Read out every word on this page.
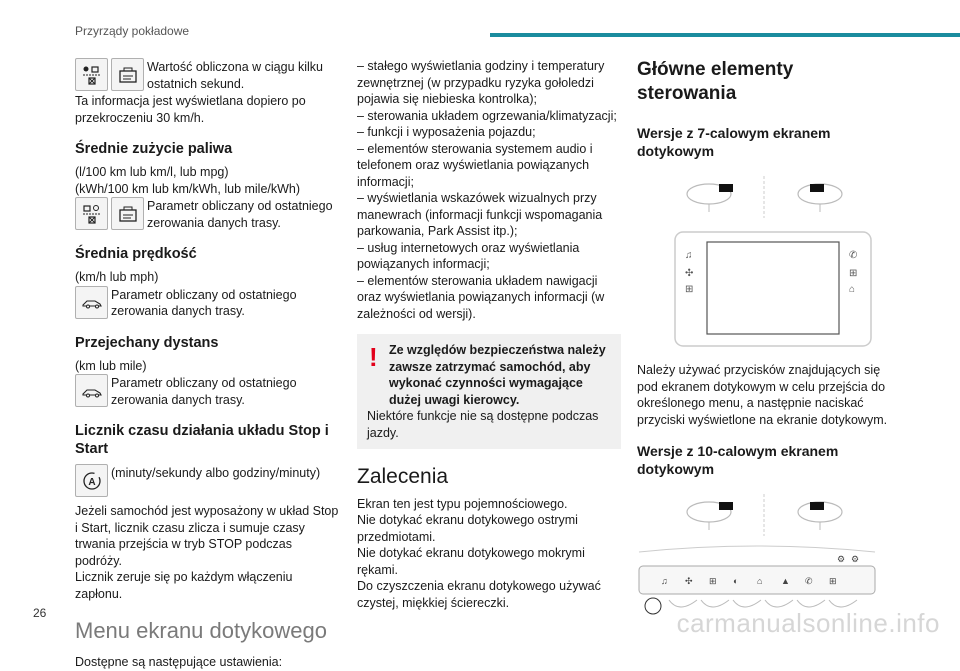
Przyrządy pokładowe
Wartość obliczona w ciągu kilku ostatnich sekund.
Ta informacja jest wyświetlana dopiero po przekroczeniu 30 km/h.
Średnie zużycie paliwa
(l/100 km lub km/l, lub mpg)
(kWh/100 km lub km/kWh, lub mile/kWh)
Parametr obliczany od ostatniego zerowania danych trasy.
Średnia prędkość
(km/h lub mph)
Parametr obliczany od ostatniego zerowania danych trasy.
Przejechany dystans
(km lub mile)
Parametr obliczany od ostatniego zerowania danych trasy.
Licznik czasu działania układu Stop i Start
A
(minuty/sekundy albo godziny/minuty)
Jeżeli samochód jest wyposażony w układ Stop i Start, licznik czasu zlicza i sumuje czasy trwania przejścia w tryb STOP podczas podróży.
Licznik zeruje się po każdym włączeniu zapłonu.
Menu ekranu dotykowego
Dostępne są następujące ustawienia:
– stałego wyświetlania godziny i temperatury zewnętrznej (w przypadku ryzyka gołoledzi pojawia się niebieska kontrolka);
– sterowania układem ogrzewania/klimatyzacji;
– funkcji i wyposażenia pojazdu;
– elementów sterowania systemem audio i telefonem oraz wyświetlania powiązanych informacji;
– wyświetlania wskazówek wizualnych przy manewrach (informacji funkcji wspomagania parkowania, Park Assist itp.);
– usług internetowych oraz wyświetlania powiązanych informacji;
– elementów sterowania układem nawigacji oraz wyświetlania powiązanych informacji (w zależności od wersji).
! Ze względów bezpieczeństwa należy zawsze zatrzymać samochód, aby wykonać czynności wymagające dużej uwagi kierowcy.
Niektóre funkcje nie są dostępne podczas jazdy.
Zalecenia
Ekran ten jest typu pojemnościowego.
Nie dotykać ekranu dotykowego ostrymi przedmiotami.
Nie dotykać ekranu dotykowego mokrymi rękami.
Do czyszczenia ekranu dotykowego używać czystej, miękkiej ściereczki.
Główne elementy sterowania
Wersje z 7-calowym ekranem dotykowym
♫
✣
⊞
✆
⊞
⌂
Należy używać przycisków znajdujących się pod ekranem dotykowym w celu przejścia do określonego menu, a następnie naciskać przyciski wyświetlone na ekranie dotykowym.
Wersje z 10-calowym ekranem dotykowym
♫ ✣ ⊞ ◐ ⌂ ▲ ✆ ⊞
⚙ ⚙
26	carmanualsonline.info
